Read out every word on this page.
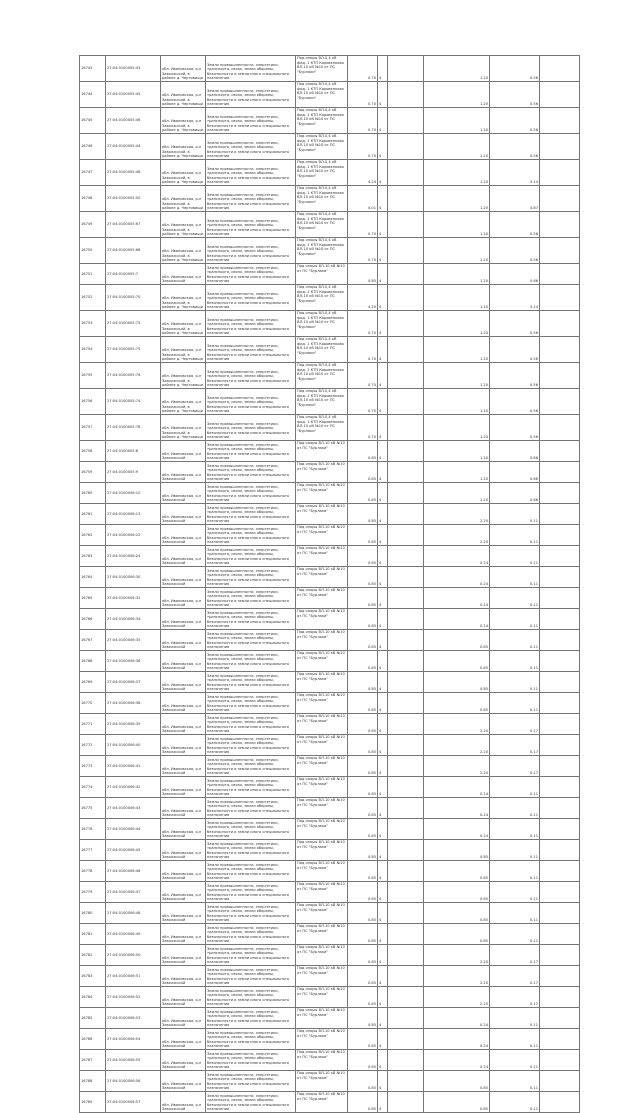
16743	27:04:0100005:43	обл. Ивановская, р-н Заволжский, в районе д. Чертовищи	Земли промышленности, энергетики, транспорта, связи, земли обороны, безопасности и земли иного специального назначения	Под опоры ВЛ-0,4 кВ фид. 1 КТП Коровенково ВЛ-10 кВ №10 от ПС "Бурлаки"	0.70	4		1.20	0.56	

16744	27:04:0100005:45	обл. Ивановская, р-н Заволжский, в районе д. Чертовищи	Земли промышленности, энергетики, транспорта, связи, земли обороны, безопасности и земли иного специального назначения	Под опоры ВЛ-0,4 кВ фид. 1 КТП Коровенково ВЛ-10 кВ №10 от ПС "Бурлаки"	0.70	4		1.20	0.56	

16745	27:04:0100005:46	обл. Ивановская, р-н Заволжский, в районе д. Чертовищи	Земли промышленности, энергетики, транспорта, связи, земли обороны, безопасности и земли иного специального назначения	Под опоры ВЛ-0,4 кВ фид. 1 КТП Коровенково ВЛ-10 кВ №10 от ПС "Бурлаки"	0.70	4		1.20	0.56	

16746	27:04:0100005:44	обл. Ивановская, р-н Заволжский, в районе д. Чертовищи	Земли промышленности, энергетики, транспорта, связи, земли обороны, безопасности и земли иного специального назначения	Под опоры ВЛ-0,4 кВ фид. 1 КТП Коровенково ВЛ-10 кВ №10 от ПС "Бурлаки"	0.70	4		1.20	0.56	

16747	27:04:0100005:48	обл. Ивановская, р-н Заволжский, в районе д. Чертовищи	Земли промышленности, энергетики, транспорта, связи, земли обороны, безопасности и земли иного специального назначения	Под опоры ВЛ-0,4 кВ фид. 1 КТП Коровенково ВЛ-10 кВ №10 от ПС "Бурлаки"	4.24	4		1.20	5.14	

16748	27:04:0100005:50	обл. Ивановская, р-н Заволжский, в районе д. Чертовищи	Земли промышленности, энергетики, транспорта, связи, земли обороны, безопасности и земли иного специального назначения	Под опоры ВЛ-0,4 кВ фид. 1 КТП Коровенково ВЛ-10 кВ №10 от ПС "Бурлаки"	4.01	4		1.20	4.87	

16749	27:04:0100005:67	обл. Ивановская, р-н Заволжский, в районе д. Чертовищи	Земли промышленности, энергетики, транспорта, связи, земли обороны, безопасности и земли иного специального назначения	Под опоры ВЛ-0,4 кВ фид. 1 КТП Коровенково ВЛ-10 кВ №10 от ПС "Бурлаки"	0.70	4		1.20	0.56	

16750	27:04:0100005:68	обл. Ивановская, р-н Заволжский, в районе д. Чертовищи	Земли промышленности, энергетики, транспорта, связи, земли обороны, безопасности и земли иного специального назначения	Под опоры ВЛ-0,4 кВ фид. 1 КТП Коровенково ВЛ-10 кВ №10 от ПС "Бурлаки"	0.70	4		1.20	0.56	

16751	27:04:0100005:7	обл. Ивановская, р-н Заволжский	Земли промышленности, энергетики, транспорта, связи, земли обороны, безопасности и земли иного специального назначения	Под опоры ВЛ-10 кВ №10 от ПС "Бурлаки"	0.85	4		1.20	0.66	

16752	27:04:0100005:70	обл. Ивановская, р-н Заволжский, в районе д. Чертовищи	Земли промышленности, энергетики, транспорта, связи, земли обороны, безопасности и земли иного специального назначения	Под опоры ВЛ-0,4 кВ фид. 1 КТП Коровенково ВЛ-10 кВ №10 от ПС "Бурлаки"	4.20	4		1.20	5.14	

16753	27:04:0100005:75	обл. Ивановская, р-н Заволжский, в районе д. Чертовищи	Земли промышленности, энергетики, транспорта, связи, земли обороны, безопасности и земли иного специального назначения	Под опоры ВЛ-0,4 кВ фид. 1 КТП Коровенково ВЛ-10 кВ №10 от ПС "Бурлаки"	0.70	4		1.20	0.56	

16754	27:04:0100005:75	обл. Ивановская, р-н Заволжский, в районе д. Чертовищи	Земли промышленности, энергетики, транспорта, связи, земли обороны, безопасности и земли иного специального назначения	Под опоры ВЛ-0,4 кВ фид. 1 КТП Коровенково ВЛ-10 кВ №10 от ПС "Бурлаки"	0.70	4		1.20	0.56	

16755	27:04:0100005:76	обл. Ивановская, р-н Заволжский, в районе д. Чертовищи	Земли промышленности, энергетики, транспорта, связи, земли обороны, безопасности и земли иного специального назначения	Под опоры ВЛ-0,4 кВ фид. 1 КТП Коровенково ВЛ-10 кВ №10 от ПС "Бурлаки"	0.70	4		1.20	0.56	

16756	27:04:0100005:74	обл. Ивановская, р-н Заволжский, в районе д. Чертовищи	Земли промышленности, энергетики, транспорта, связи, земли обороны, безопасности и земли иного специального назначения	Под опоры ВЛ-0,4 кВ фид. 1 КТП Коровенково ВЛ-10 кВ №10 от ПС "Бурлаки"	0.70	4		1.20	0.56	

16757	27:04:0100005:78	обл. Ивановская, р-н Заволжский, в районе д. Чертовищи	Земли промышленности, энергетики, транспорта, связи, земли обороны, безопасности и земли иного специального назначения	Под опоры ВЛ-0,4 кВ фид. 1 КТП Коровенково ВЛ-10 кВ №10 от ПС "Бурлаки"	0.70	4		1.20	0.56	

16758	27:04:0100005:8	обл. Ивановская, р-н Заволжский	Земли промышленности, энергетики, транспорта, связи, земли обороны, безопасности и земли иного специального назначения	Под опоры ВЛ-10 кВ №10 от ПС "Бурлаки"	0.85	4		1.20	0.66	

16759	27:04:0100005:9	обл. Ивановская, р-н Заволжский	Земли промышленности, энергетики, транспорта, связи, земли обороны, безопасности и земли иного специального назначения	Под опоры ВЛ-10 кВ №10 от ПС "Бурлаки"	0.85	4		1.20	0.66	

16760	27:04:0100006:10	обл. Ивановская, р-н Заволжский	Земли промышленности, энергетики, транспорта, связи, земли обороны, безопасности и земли иного специального назначения	Под опоры ВЛ-10 кВ №10 от ПС "Бурлаки"	0.85	4		1.20	0.66	

16761	27:04:0100006:13	обл. Ивановская, р-н Заволжский	Земли промышленности, энергетики, транспорта, связи, земли обороны, безопасности и земли иного специального назначения	Под опоры ВЛ-10 кВ №10 от ПС "Бурлаки"	0.85	4		2.20	0.11	

16762	27:04:0100006:22	обл. Ивановская, р-н Заволжский	Земли промышленности, энергетики, транспорта, связи, земли обороны, безопасности и земли иного специального назначения	Под опоры ВЛ-10 кВ №10 от ПС "Бурлаки"	0.85	4		2.20	0.11	

16763	27:04:0100006:24	обл. Ивановская, р-н Заволжский	Земли промышленности, энергетики, транспорта, связи, земли обороны, безопасности и земли иного специального назначения	Под опоры ВЛ-10 кВ №10 от ПС "Бурлаки"	0.85	4		0.24	0.11	

16764	27:04:0100006:30	обл. Ивановская, р-н Заволжский	Земли промышленности, энергетики, транспорта, связи, земли обороны, безопасности и земли иного специального назначения	Под опоры ВЛ-10 кВ №10 от ПС "Бурлаки"	0.85	4		0.24	0.11	

16765	27:04:0100006:32	обл. Ивановская, р-н Заволжский	Земли промышленности, энергетики, транспорта, связи, земли обороны, безопасности и земли иного специального назначения	Под опоры ВЛ-10 кВ №10 от ПС "Бурлаки"	0.85	4		0.24	0.11	

16766	27:04:0100006:34	обл. Ивановская, р-н Заволжский	Земли промышленности, энергетики, транспорта, связи, земли обороны, безопасности и земли иного специального назначения	Под опоры ВЛ-10 кВ №10 от ПС "Бурлаки"	0.85	4		0.24	0.11	

16767	27:04:0100006:35	обл. Ивановская, р-н Заволжский	Земли промышленности, энергетики, транспорта, связи, земли обороны, безопасности и земли иного специального назначения	Под опоры ВЛ-10 кВ №10 от ПС "Бурлаки"	0.85	4		0.85	0.11	

16768	27:04:0100006:36	обл. Ивановская, р-н Заволжский	Земли промышленности, энергетики, транспорта, связи, земли обороны, безопасности и земли иного специального назначения	Под опоры ВЛ-10 кВ №10 от ПС "Бурлаки"	0.85	4		0.85	0.11	

16769	27:04:0100006:37	обл. Ивановская, р-н Заволжский	Земли промышленности, энергетики, транспорта, связи, земли обороны, безопасности и земли иного специального назначения	Под опоры ВЛ-10 кВ №10 от ПС "Бурлаки"	0.85	4		0.85	0.11	

16770	27:04:0100006:38	обл. Ивановская, р-н Заволжский	Земли промышленности, энергетики, транспорта, связи, земли обороны, безопасности и земли иного специального назначения	Под опоры ВЛ-10 кВ №10 от ПС "Бурлаки"	0.85	4		0.85	0.11	

16771	27:04:0100006:39	обл. Ивановская, р-н Заволжский	Земли промышленности, энергетики, транспорта, связи, земли обороны, безопасности и земли иного специального назначения	Под опоры ВЛ-10 кВ №10 от ПС "Бурлаки"	0.85	4		2.20	0.17	

16772	27:04:0100006:40	обл. Ивановская, р-н Заволжский	Земли промышленности, энергетики, транспорта, связи, земли обороны, безопасности и земли иного специального назначения	Под опоры ВЛ-10 кВ №10 от ПС "Бурлаки"	0.85	4		2.20	0.17	

16773	27:04:0100006:41	обл. Ивановская, р-н Заволжский	Земли промышленности, энергетики, транспорта, связи, земли обороны, безопасности и земли иного специального назначения	Под опоры ВЛ-10 кВ №10 от ПС "Бурлаки"	0.85	4		2.20	0.17	

16774	27:04:0100006:42	обл. Ивановская, р-н Заволжский	Земли промышленности, энергетики, транспорта, связи, земли обороны, безопасности и земли иного специального назначения	Под опоры ВЛ-10 кВ №10 от ПС "Бурлаки"	0.85	4		0.24	0.11	

16775	27:04:0100006:43	обл. Ивановская, р-н Заволжский	Земли промышленности, энергетики, транспорта, связи, земли обороны, безопасности и земли иного специального назначения	Под опоры ВЛ-10 кВ №10 от ПС "Бурлаки"	0.85	4		0.24	0.11	

16776	27:04:0100006:44	обл. Ивановская, р-н Заволжский	Земли промышленности, энергетики, транспорта, связи, земли обороны, безопасности и земли иного специального назначения	Под опоры ВЛ-10 кВ №10 от ПС "Бурлаки"	0.85	4		0.24	0.11	

16777	27:04:0100006:45	обл. Ивановская, р-н Заволжский	Земли промышленности, энергетики, транспорта, связи, земли обороны, безопасности и земли иного специального назначения	Под опоры ВЛ-10 кВ №10 от ПС "Бурлаки"	0.85	4		0.85	0.11	

16778	27:04:0100006:46	обл. Ивановская, р-н Заволжский	Земли промышленности, энергетики, транспорта, связи, земли обороны, безопасности и земли иного специального назначения	Под опоры ВЛ-10 кВ №10 от ПС "Бурлаки"	0.85	4		0.85	0.11	

16779	27:04:0100006:47	обл. Ивановская, р-н Заволжский	Земли промышленности, энергетики, транспорта, связи, земли обороны, безопасности и земли иного специального назначения	Под опоры ВЛ-10 кВ №10 от ПС "Бурлаки"	0.85	4		0.85	0.11	

16780	27:04:0100006:48	обл. Ивановская, р-н Заволжский	Земли промышленности, энергетики, транспорта, связи, земли обороны, безопасности и земли иного специального назначения	Под опоры ВЛ-10 кВ №10 от ПС "Бурлаки"	0.85	4		0.85	0.11	

16781	27:04:0100006:49	обл. Ивановская, р-н Заволжский	Земли промышленности, энергетики, транспорта, связи, земли обороны, безопасности и земли иного специального назначения	Под опоры ВЛ-10 кВ №10 от ПС "Бурлаки"	0.85	4		0.85	0.11	

16782	27:04:0100006:50	обл. Ивановская, р-н Заволжский	Земли промышленности, энергетики, транспорта, связи, земли обороны, безопасности и земли иного специального назначения	Под опоры ВЛ-10 кВ №10 от ПС "Бурлаки"	0.85	4		2.20	0.17	

16783	27:04:0100006:51	обл. Ивановская, р-н Заволжский	Земли промышленности, энергетики, транспорта, связи, земли обороны, безопасности и земли иного специального назначения	Под опоры ВЛ-10 кВ №10 от ПС "Бурлаки"	0.85	4		2.20	0.17	

16784	27:04:0100006:52	обл. Ивановская, р-н Заволжский	Земли промышленности, энергетики, транспорта, связи, земли обороны, безопасности и земли иного специального назначения	Под опоры ВЛ-10 кВ №10 от ПС "Бурлаки"	0.85	4		2.20	0.17	

16785	27:04:0100006:53	обл. Ивановская, р-н Заволжский	Земли промышленности, энергетики, транспорта, связи, земли обороны, безопасности и земли иного специального назначения	Под опоры ВЛ-10 кВ №10 от ПС "Бурлаки"	0.85	4		0.24	0.11	

16786	27:04:0100006:54	обл. Ивановская, р-н Заволжский	Земли промышленности, энергетики, транспорта, связи, земли обороны, безопасности и земли иного специального назначения	Под опоры ВЛ-10 кВ №10 от ПС "Бурлаки"	0.85	4		0.24	0.11	

16787	27:04:0100006:55	обл. Ивановская, р-н Заволжский	Земли промышленности, энергетики, транспорта, связи, земли обороны, безопасности и земли иного специального назначения	Под опоры ВЛ-10 кВ №10 от ПС "Бурлаки"	0.85	4		0.24	0.11	

16788	27:04:0100006:56	обл. Ивановская, р-н Заволжский	Земли промышленности, энергетики, транспорта, связи, земли обороны, безопасности и земли иного специального назначения	Под опоры ВЛ-10 кВ №10 от ПС "Бурлаки"	0.85	4		0.85	0.11	

16789	27:04:0100006:57	обл. Ивановская, р-н Заволжский	Земли промышленности, энергетики, транспорта, связи, земли обороны, безопасности и земли иного специального назначения	Под опоры ВЛ-10 кВ №10 от ПС "Бурлаки"	0.85	4		0.85	0.11	
